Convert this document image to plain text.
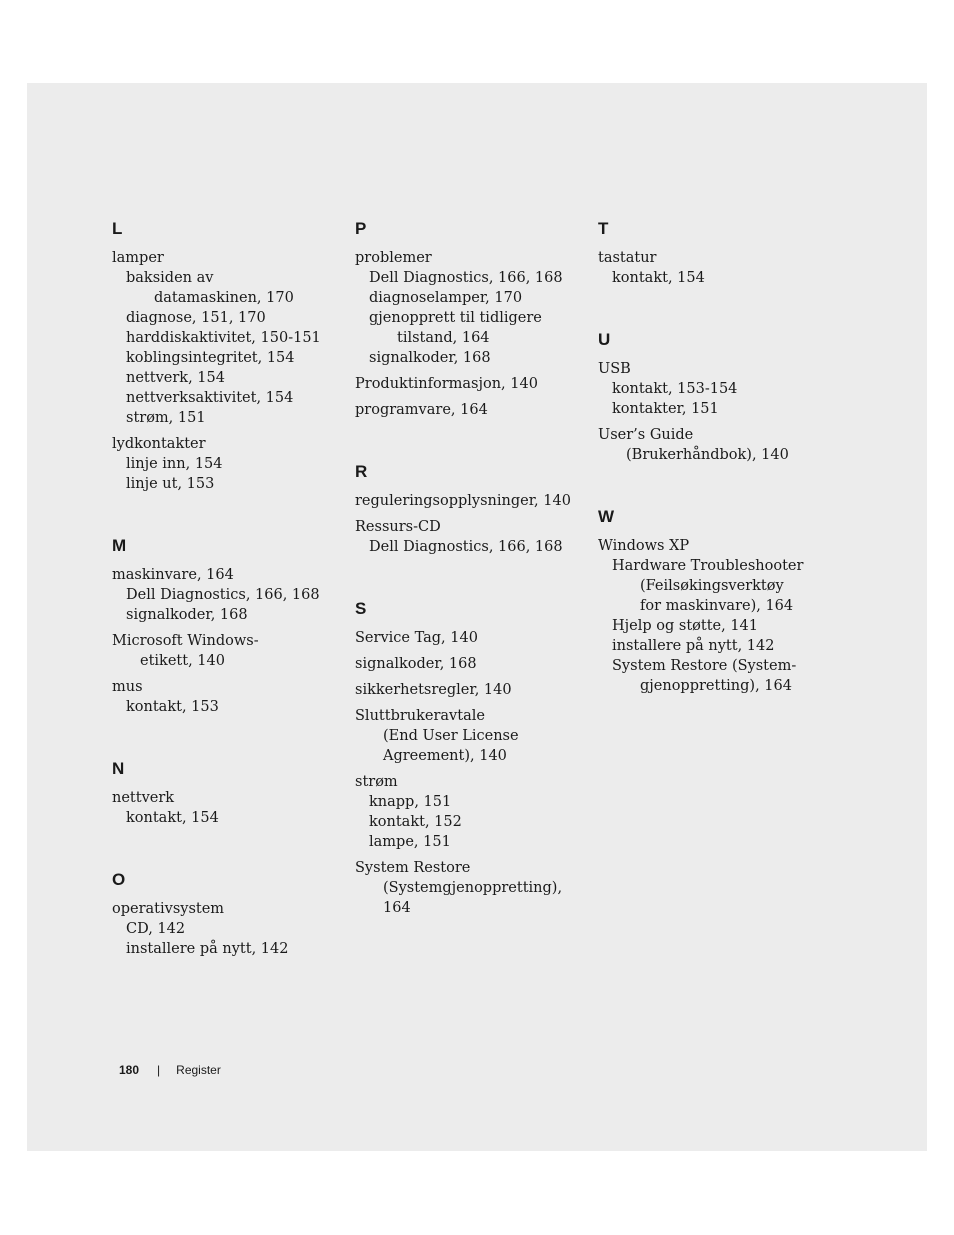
L
lamper
baksiden av
datamaskinen, 170
diagnose, 151, 170
harddiskaktivitet, 150-151
koblingsintegritet, 154
nettverk, 154
nettverksaktivitet, 154
strøm, 151
lydkontakter
linje inn, 154
linje ut, 153
M
maskinvare, 164
Dell Diagnostics, 166, 168
signalkoder, 168
Microsoft Windows-
etikett, 140
mus
kontakt, 153
N
nettverk
kontakt, 154
O
operativsystem
CD, 142
installere på nytt, 142
P
problemer
Dell Diagnostics, 166, 168
diagnoselamper, 170
gjenopprett til tidligere
tilstand, 164
signalkoder, 168
Produktinformasjon, 140
programvare, 164
R
reguleringsopplysninger, 140
Ressurs-CD
Dell Diagnostics, 166, 168
S
Service Tag, 140
signalkoder, 168
sikkerhetsregler, 140
Sluttbrukeravtale
(End User License
Agreement), 140
strøm
knapp, 151
kontakt, 152
lampe, 151
System Restore
(Systemgjenoppretting),
164
T
tastatur
kontakt, 154
U
USB
kontakt, 153-154
kontakter, 151
User’s Guide
(Brukerhåndbok), 140
W
Windows XP
Hardware Troubleshooter
(Feilsøkingsverktøy
for maskinvare), 164
Hjelp og støtte, 141
installere på nytt, 142
System Restore (System-
gjenoppretting), 164
180 | Register
